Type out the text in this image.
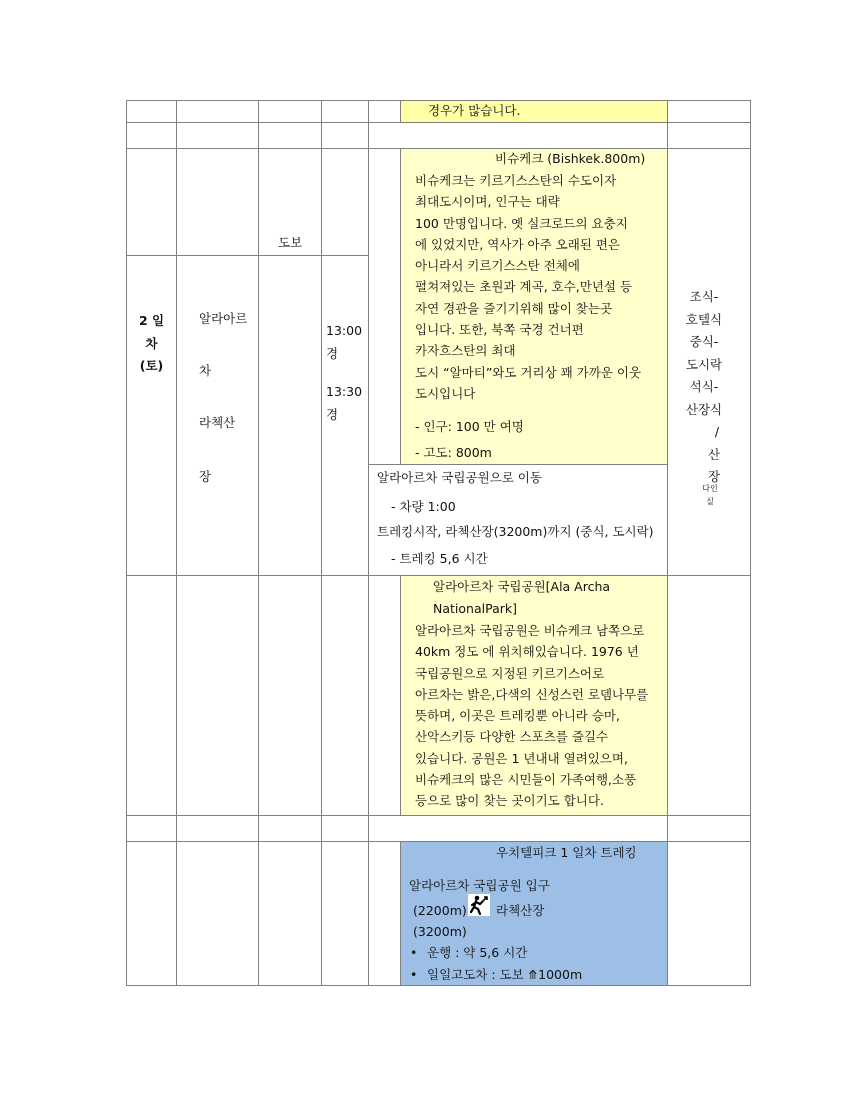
경우가 많습니다.
2 일
차
(토)
알라아르
차
라첵산
장
도보
13:00
경
13:30
경
조식-
호텔식
중식-
도시락
석식-
산장식
/
산
장
다인
실
비슈케크 (Bishkek.800m)
비슈케크는 키르기스스탄의 수도이자
최대도시이며, 인구는 대략
100 만명입니다. 옛 실크로드의 요충지
에 있었지만, 역사가 아주 오래된 편은
아니라서 키르기스스탄 전체에
펼쳐져있는 초원과 계곡, 호수,만년설 등
자연 경관을 즐기기위해 많이 찾는곳
입니다. 또한, 북쪽 국경 건너편
카자흐스탄의 최대
도시 “알마티”와도 거리상 꽤 가까운 이웃
도시입니다
- 인구: 100 만 여명
- 고도: 800m
알라아르차 국립공원으로 이동
- 차량 1:00
트레킹시작, 라첵산장(3200m)까지 (중식, 도시락)
- 트레킹 5,6 시간
알라아르차 국립공원[Ala Archa
NationalPark]
알라아르차 국립공원은 비슈케크 남쪽으로
40km 정도 에 위치해있습니다. 1976 년
국립공원으로 지정된 키르기스어로
아르차는 밝은,다색의 신성스런 로뎀나무를
뜻하며, 이곳은 트레킹뿐 아니라 승마,
산악스키등 다양한 스포츠를 즐길수
있습니다. 공원은 1 년내내 열려있으며,
비슈케크의 많은 시민들이 가족여행,소풍
등으로 많이 찾는 곳이기도 합니다.
우치텔피크 1 일차 트레킹
알라아르차 국립공원 입구
(2200m) 라첵산장
(3200m)
• 운행 : 약 5,6 시간
• 일일고도차 : 도보 ⤊1000m
